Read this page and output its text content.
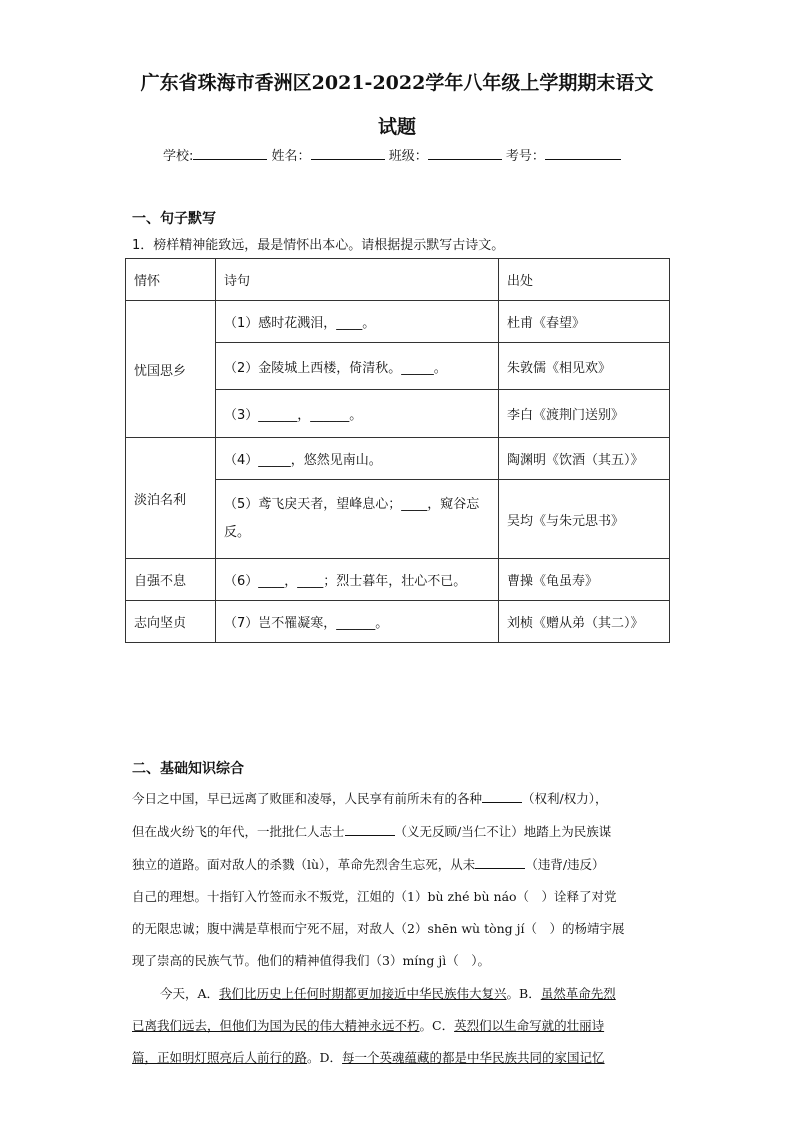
广东省珠海市香洲区2021-2022学年八年级上学期期末语文
试题
学校:	姓名：	班级：	考号：
一、句子默写
1．榜样精神能致远，最是情怀出本心。请根据提示默写古诗文。
情怀	诗句	出处
忧国思乡	（1）感时花溅泪，____。	杜甫《春望》
	（2）金陵城上西楼，倚清秋。_____。	朱敦儒《相见欢》
	（3）______，______。	李白《渡荆门送别》
淡泊名利	（4）_____，悠然见南山。	陶渊明《饮酒（其五）》
	（5）鸢飞戾天者，望峰息心；____，窥谷忘反。	吴均《与朱元思书》
自强不息	（6）____，____；烈士暮年，壮心不已。	曹操《龟虽寿》
志向坚贞	（7）岂不罹凝寒，______。	刘桢《赠从弟（其二）》
二、基础知识综合
今日之中国，早已远离了败匪和凌辱，人民享有前所未有的各种	（权利/权力），
但在战火纷飞的年代，一批批仁人志士	（义无反顾/当仁不让）地踏上为民族谋
独立的道路。面对敌人的杀戮（lù），革命先烈舍生忘死，从未	（违背/违反）
自己的理想。十指钉入竹签而永不叛党，江姐的（1）bù zhé bù náo（　）诠释了对党
的无限忠诚；腹中满是草根而宁死不屈，对敌人（2）shēn wù tòng jí（　）的杨靖宇展
现了崇高的民族气节。他们的精神值得我们（3）míng jì（　）。
今天，A．我们比历史上任何时期都更加接近中华民族伟大复兴。B．虽然革命先烈
已离我们远去，但他们为国为民的伟大精神永远不朽。C．英烈们以生命写就的壮丽诗
篇，正如明灯照亮后人前行的路。D．每一个英魂蕴藏的都是中华民族共同的家国记忆
